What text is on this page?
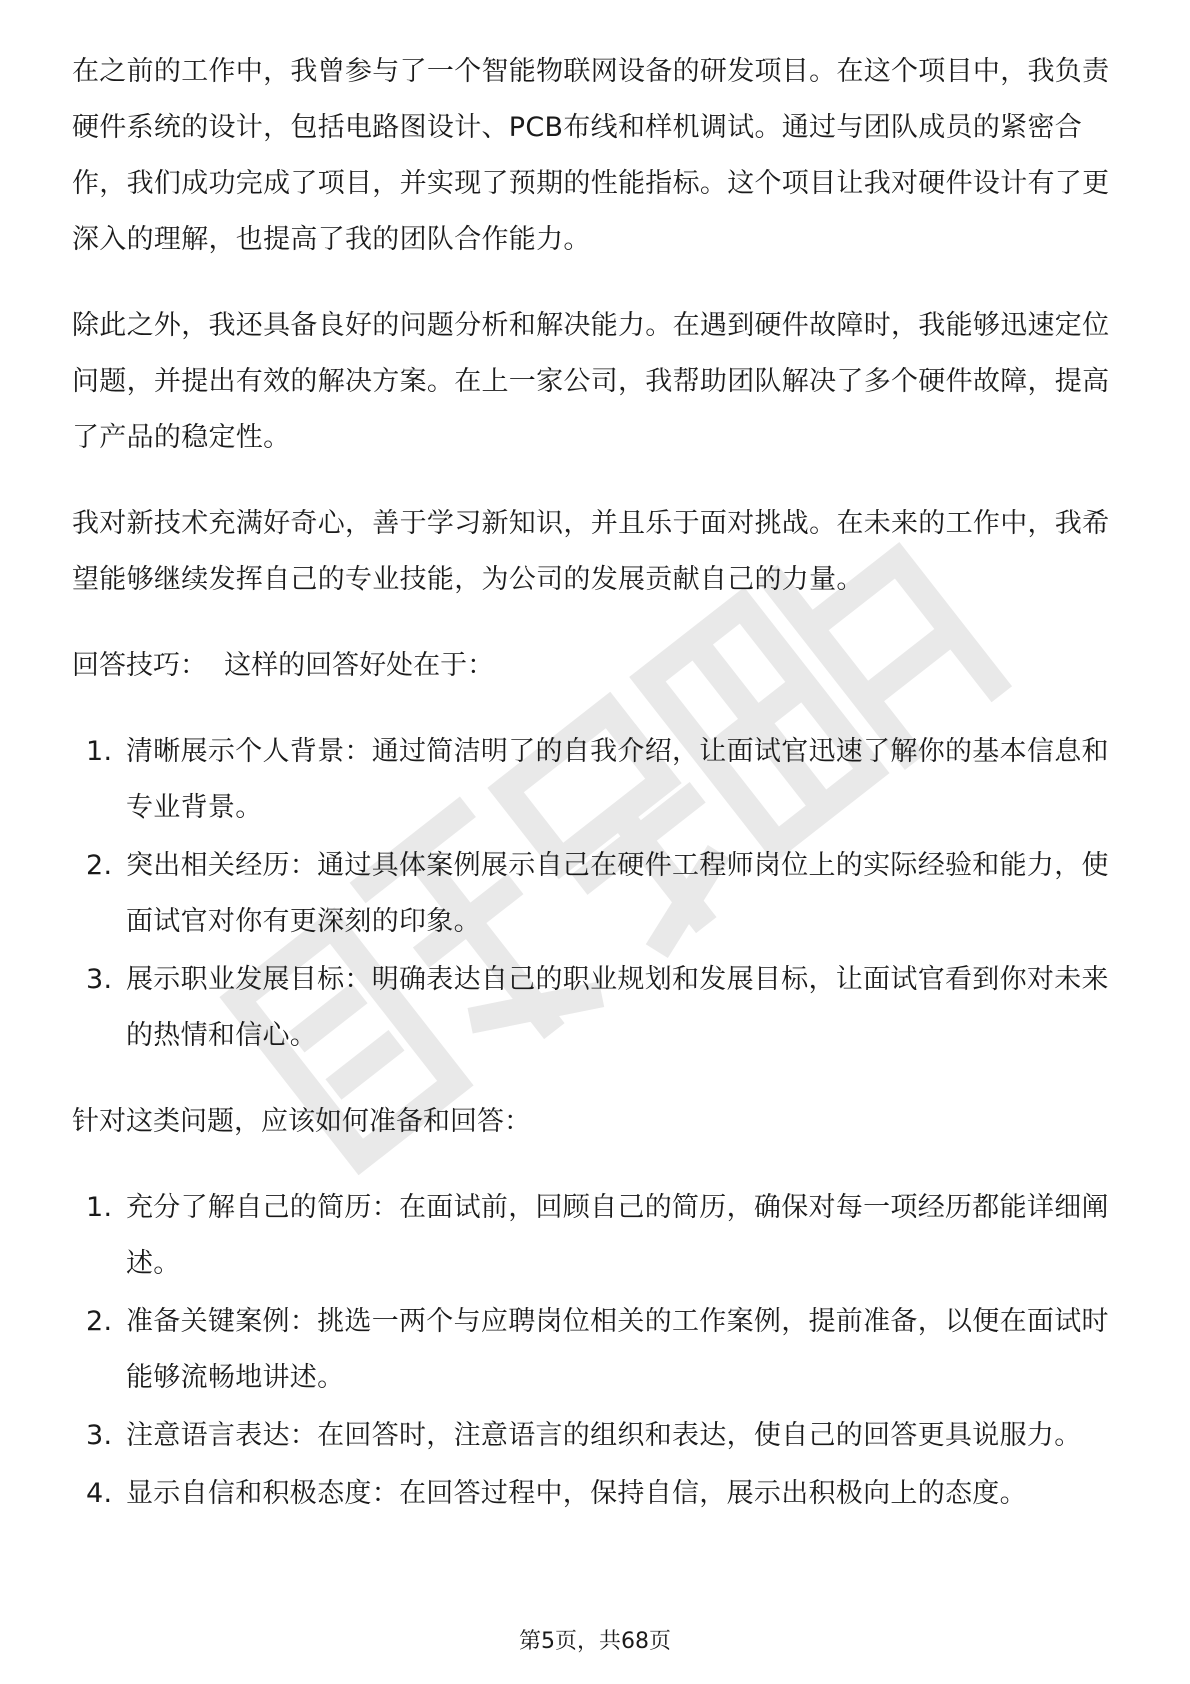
在之前的工作中，我曾参与了一个智能物联网设备的研发项目。在这个项目中，我负责硬件系统的设计，包括电路图设计、PCB布线和样机调试。通过与团队成员的紧密合作，我们成功完成了项目，并实现了预期的性能指标。这个项目让我对硬件设计有了更深入的理解，也提高了我的团队合作能力。

除此之外，我还具备良好的问题分析和解决能力。在遇到硬件故障时，我能够迅速定位问题，并提出有效的解决方案。在上一家公司，我帮助团队解决了多个硬件故障，提高了产品的稳定性。

我对新技术充满好奇心，善于学习新知识，并且乐于面对挑战。在未来的工作中，我希望能够继续发挥自己的专业技能，为公司的发展贡献自己的力量。

回答技巧：  这样的回答好处在于：
1. 清晰展示个人背景：通过简洁明了的自我介绍，让面试官迅速了解你的基本信息和专业背景。
2. 突出相关经历：通过具体案例展示自己在硬件工程师岗位上的实际经验和能力，使面试官对你有更深刻的印象。
3. 展示职业发展目标：明确表达自己的职业规划和发展目标，让面试官看到你对未来的热情和信心。
针对这类问题，应该如何准备和回答：
1. 充分了解自己的简历：在面试前，回顾自己的简历，确保对每一项经历都能详细阐述。
2. 准备关键案例：挑选一两个与应聘岗位相关的工作案例，提前准备，以便在面试时能够流畅地讲述。
3. 注意语言表达：在回答时，注意语言的组织和表达，使自己的回答更具说服力。
4. 显示自信和积极态度：在回答过程中，保持自信，展示出积极向上的态度。
第5页，共68页
